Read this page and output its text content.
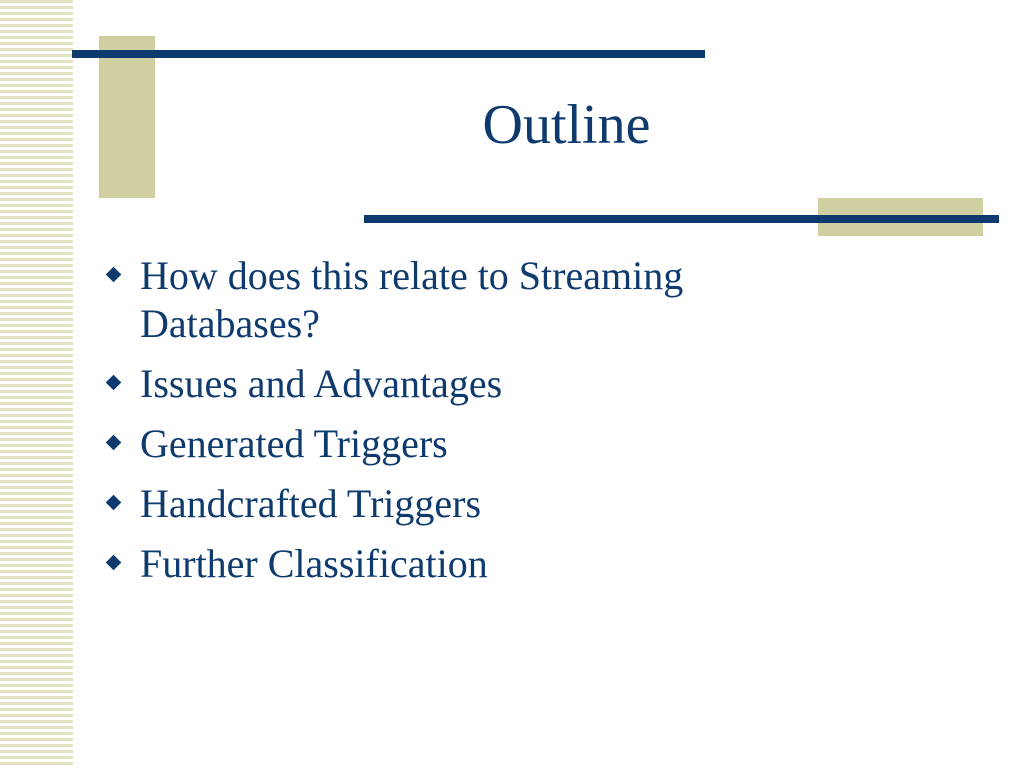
Outline
How does this relate to Streaming Databases?
Issues and Advantages
Generated Triggers
Handcrafted Triggers
Further Classification
